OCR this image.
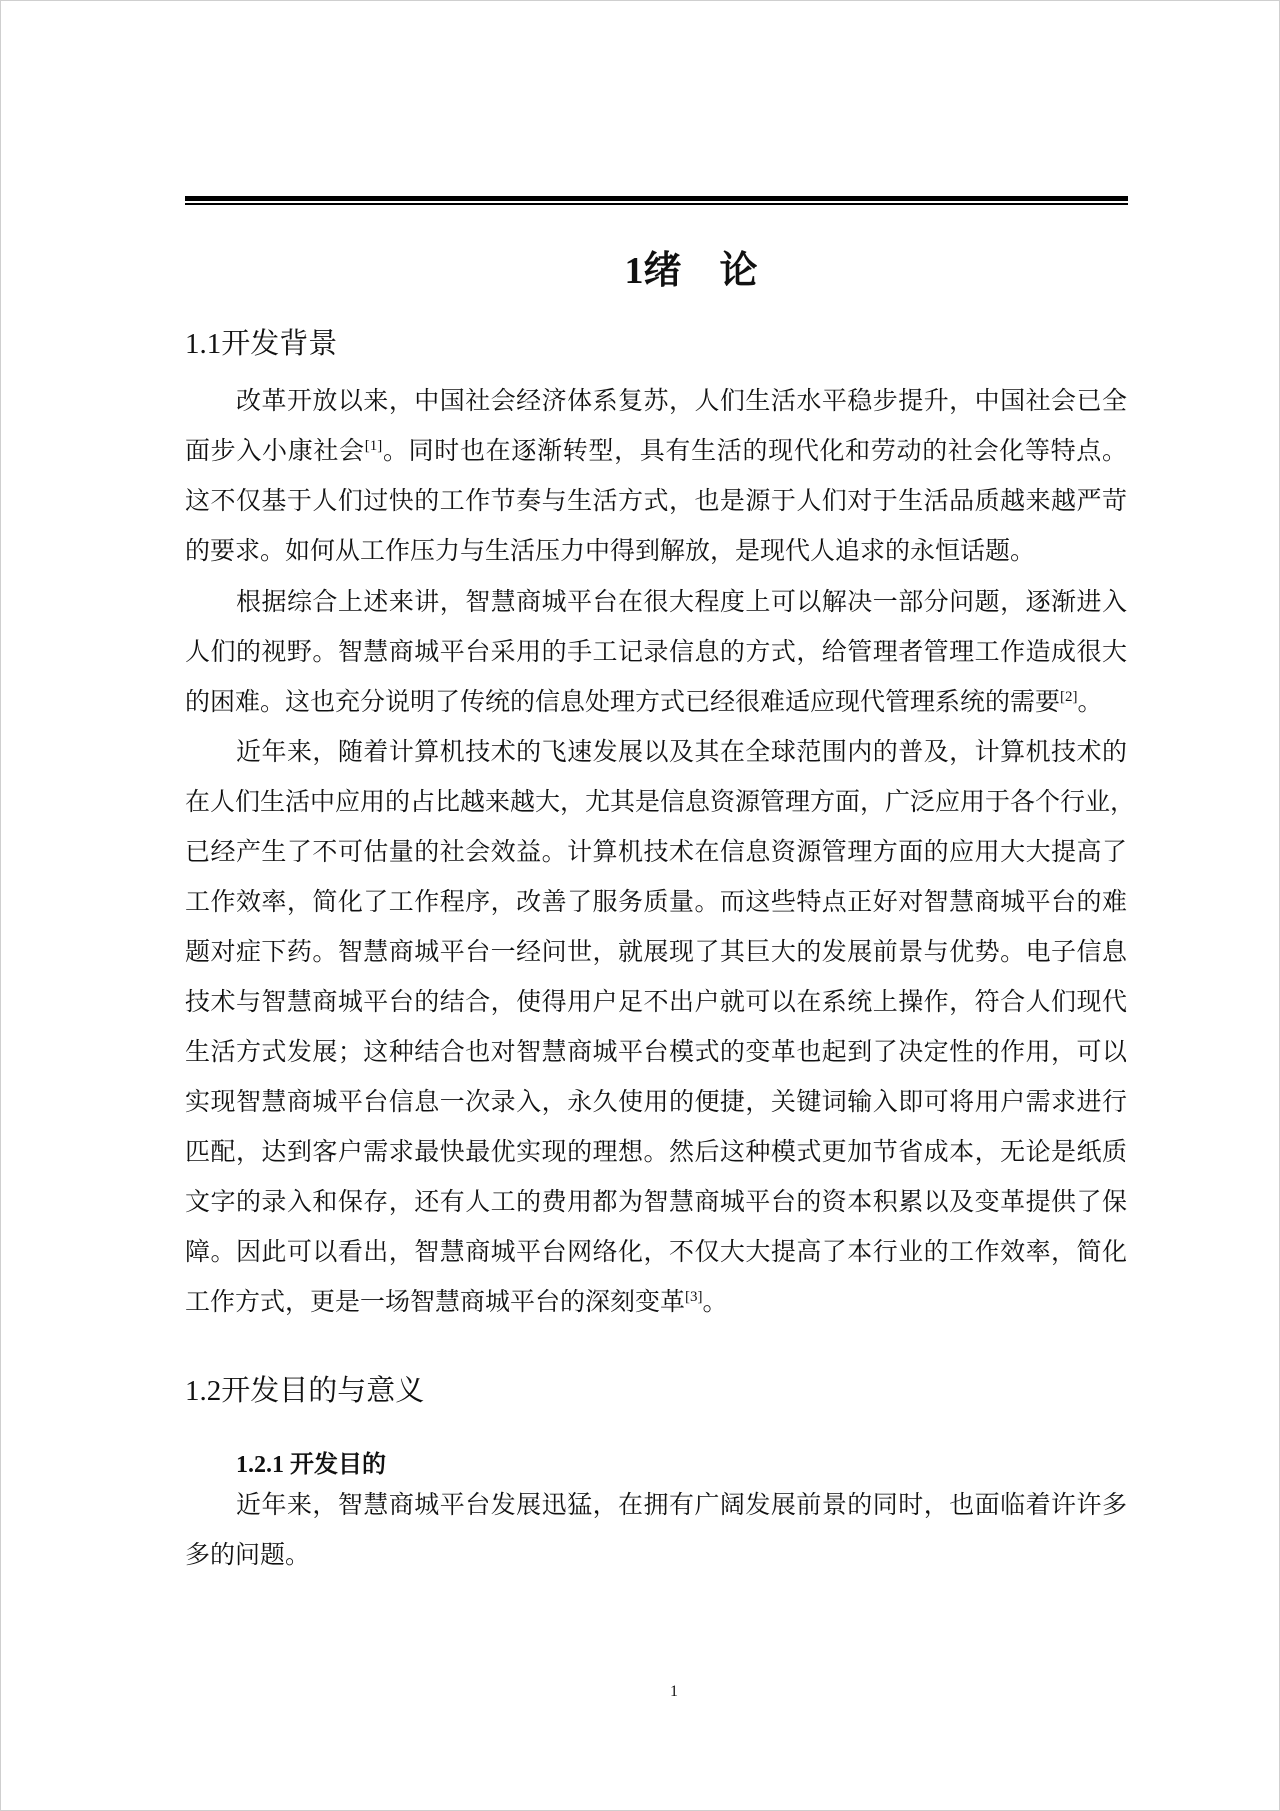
1绪　论
1.1开发背景
改革开放以来，中国社会经济体系复苏，人们生活水平稳步提升，中国社会已全
面步入小康社会[1]。同时也在逐渐转型，具有生活的现代化和劳动的社会化等特点。
这不仅基于人们过快的工作节奏与生活方式，也是源于人们对于生活品质越来越严苛
的要求。如何从工作压力与生活压力中得到解放，是现代人追求的永恒话题。
根据综合上述来讲，智慧商城平台在很大程度上可以解决一部分问题，逐渐进入
人们的视野。智慧商城平台采用的手工记录信息的方式，给管理者管理工作造成很大
的困难。这也充分说明了传统的信息处理方式已经很难适应现代管理系统的需要[2]。
近年来，随着计算机技术的飞速发展以及其在全球范围内的普及，计算机技术的
在人们生活中应用的占比越来越大，尤其是信息资源管理方面，广泛应用于各个行业，
已经产生了不可估量的社会效益。计算机技术在信息资源管理方面的应用大大提高了
工作效率，简化了工作程序，改善了服务质量。而这些特点正好对智慧商城平台的难
题对症下药。智慧商城平台一经问世，就展现了其巨大的发展前景与优势。电子信息
技术与智慧商城平台的结合，使得用户足不出户就可以在系统上操作，符合人们现代
生活方式发展；这种结合也对智慧商城平台模式的变革也起到了决定性的作用，可以
实现智慧商城平台信息一次录入，永久使用的便捷，关键词输入即可将用户需求进行
匹配，达到客户需求最快最优实现的理想。然后这种模式更加节省成本，无论是纸质
文字的录入和保存，还有人工的费用都为智慧商城平台的资本积累以及变革提供了保
障。因此可以看出，智慧商城平台网络化，不仅大大提高了本行业的工作效率，简化
工作方式，更是一场智慧商城平台的深刻变革[3]。
1.2开发目的与意义
1.2.1 开发目的
近年来，智慧商城平台发展迅猛，在拥有广阔发展前景的同时，也面临着许许多
多的问题。
1
